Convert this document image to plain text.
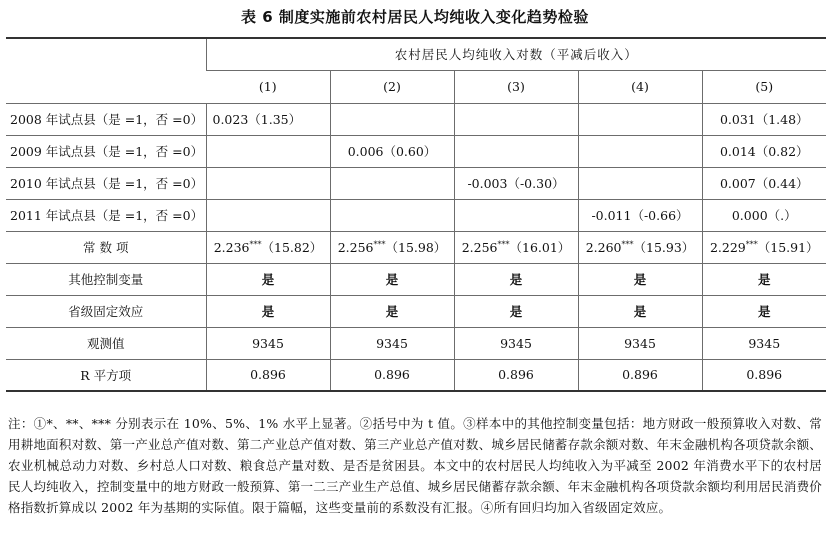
表 6 制度实施前农村居民人均纯收入变化趋势检验
	农村居民人均纯收入对数（平减后收入）				
	(1)	(2)	(3)	(4)	(5)
2008 年试点县（是 =1，否 =0）	0.023（1.35）				0.031（1.48）
2009 年试点县（是 =1，否 =0）		0.006（0.60）			0.014（0.82）
2010 年试点县（是 =1，否 =0）			-0.003（-0.30）		0.007（0.44）
2011 年试点县（是 =1，否 =0）				-0.011（-0.66）	0.000（.）
常 数 项	2.236***（15.82）	2.256***（15.98）	2.256***（16.01）	2.260***（15.93）	2.229***（15.91）
其他控制变量	是	是	是	是	是
省级固定效应	是	是	是	是	是
观测值	9345	9345	9345	9345	9345
R 平方项	0.896	0.896	0.896	0.896	0.896
注：①*、**、*** 分别表示在 10%、5%、1% 水平上显著。②括号中为 t 值。③样本中的其他控制变量包括：地方财政一般预算收入对数、常用耕地面积对数、第一产业总产值对数、第二产业总产值对数、第三产业总产值对数、城乡居民储蓄存款余额对数、年末金融机构各项贷款余额、农业机械总动力对数、乡村总人口对数、粮食总产量对数、是否是贫困县。本文中的农村居民人均纯收入为平减至 2002 年消费水平下的农村居民人均纯收入，控制变量中的地方财政一般预算、第一二三产业生产总值、城乡居民储蓄存款余额、年末金融机构各项贷款余额均利用居民消费价格指数折算成以 2002 年为基期的实际值。限于篇幅，这些变量前的系数没有汇报。④所有回归均加入省级固定效应。
